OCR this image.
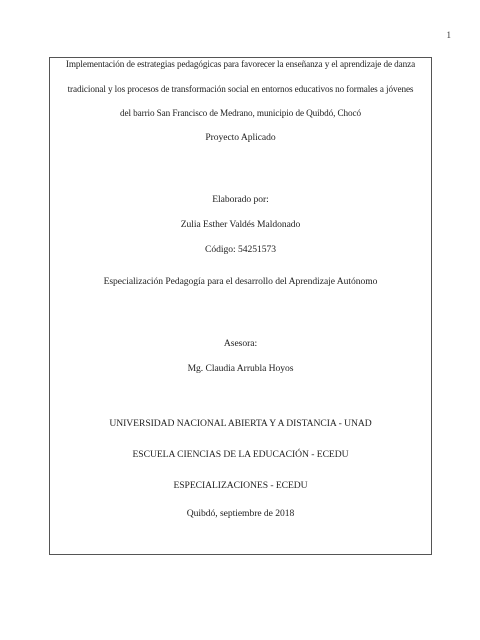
1
Implementación de estrategias pedagógicas para favorecer la enseñanza y el aprendizaje de danza
tradicional y los procesos de transformación social en entornos educativos no formales a jóvenes
del barrio San Francisco de Medrano, municipio de Quibdó, Chocó
Proyecto Aplicado
Elaborado por:
Zulia Esther Valdés Maldonado
Código: 54251573
Especialización Pedagogía para el desarrollo del Aprendizaje Autónomo
Asesora:
Mg. Claudia Arrubla Hoyos
UNIVERSIDAD NACIONAL ABIERTA Y A DISTANCIA - UNAD
ESCUELA CIENCIAS DE LA EDUCACIÓN - ECEDU
ESPECIALIZACIONES - ECEDU
Quibdó, septiembre de 2018
